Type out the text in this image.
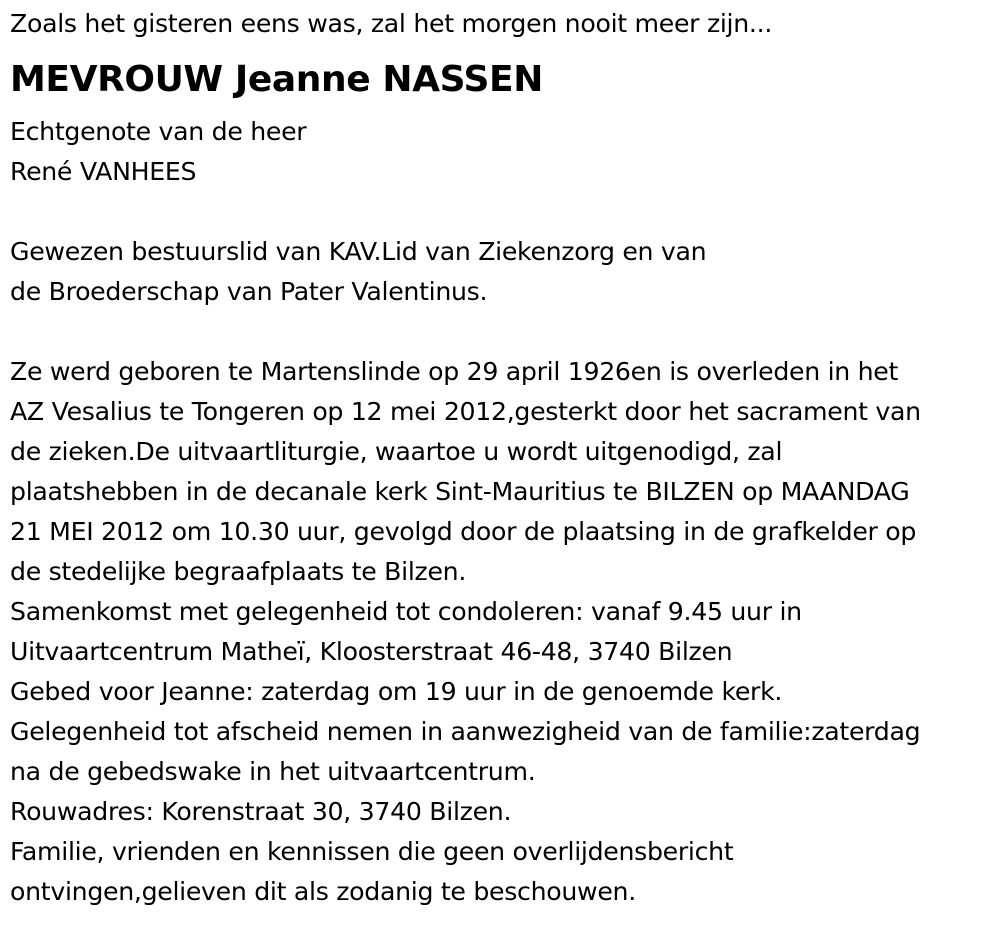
Zoals het gisteren eens was, zal het morgen nooit meer zijn...
MEVROUW Jeanne NASSEN
Echtgenote van de heer
René VANHEES
Gewezen bestuurslid van KAV.Lid van Ziekenzorg en van
de Broederschap van Pater Valentinus.
Ze werd geboren te Martenslinde op 29 april 1926en is overleden in het
AZ Vesalius te Tongeren op 12 mei 2012,gesterkt door het sacrament van
de zieken.De uitvaartliturgie, waartoe u wordt uitgenodigd, zal
plaatshebben in de decanale kerk Sint-Mauritius te BILZEN op MAANDAG
21 MEI 2012 om 10.30 uur, gevolgd door de plaatsing in de grafkelder op
de stedelijke begraafplaats te Bilzen.
Samenkomst met gelegenheid tot condoleren: vanaf 9.45 uur in
Uitvaartcentrum Matheï, Kloosterstraat 46-48, 3740 Bilzen
Gebed voor Jeanne: zaterdag om 19 uur in de genoemde kerk.
Gelegenheid tot afscheid nemen in aanwezigheid van de familie:zaterdag
na de gebedswake in het uitvaartcentrum.
Rouwadres: Korenstraat 30, 3740 Bilzen.
Familie, vrienden en kennissen die geen overlijdensbericht
ontvingen,gelieven dit als zodanig te beschouwen.
